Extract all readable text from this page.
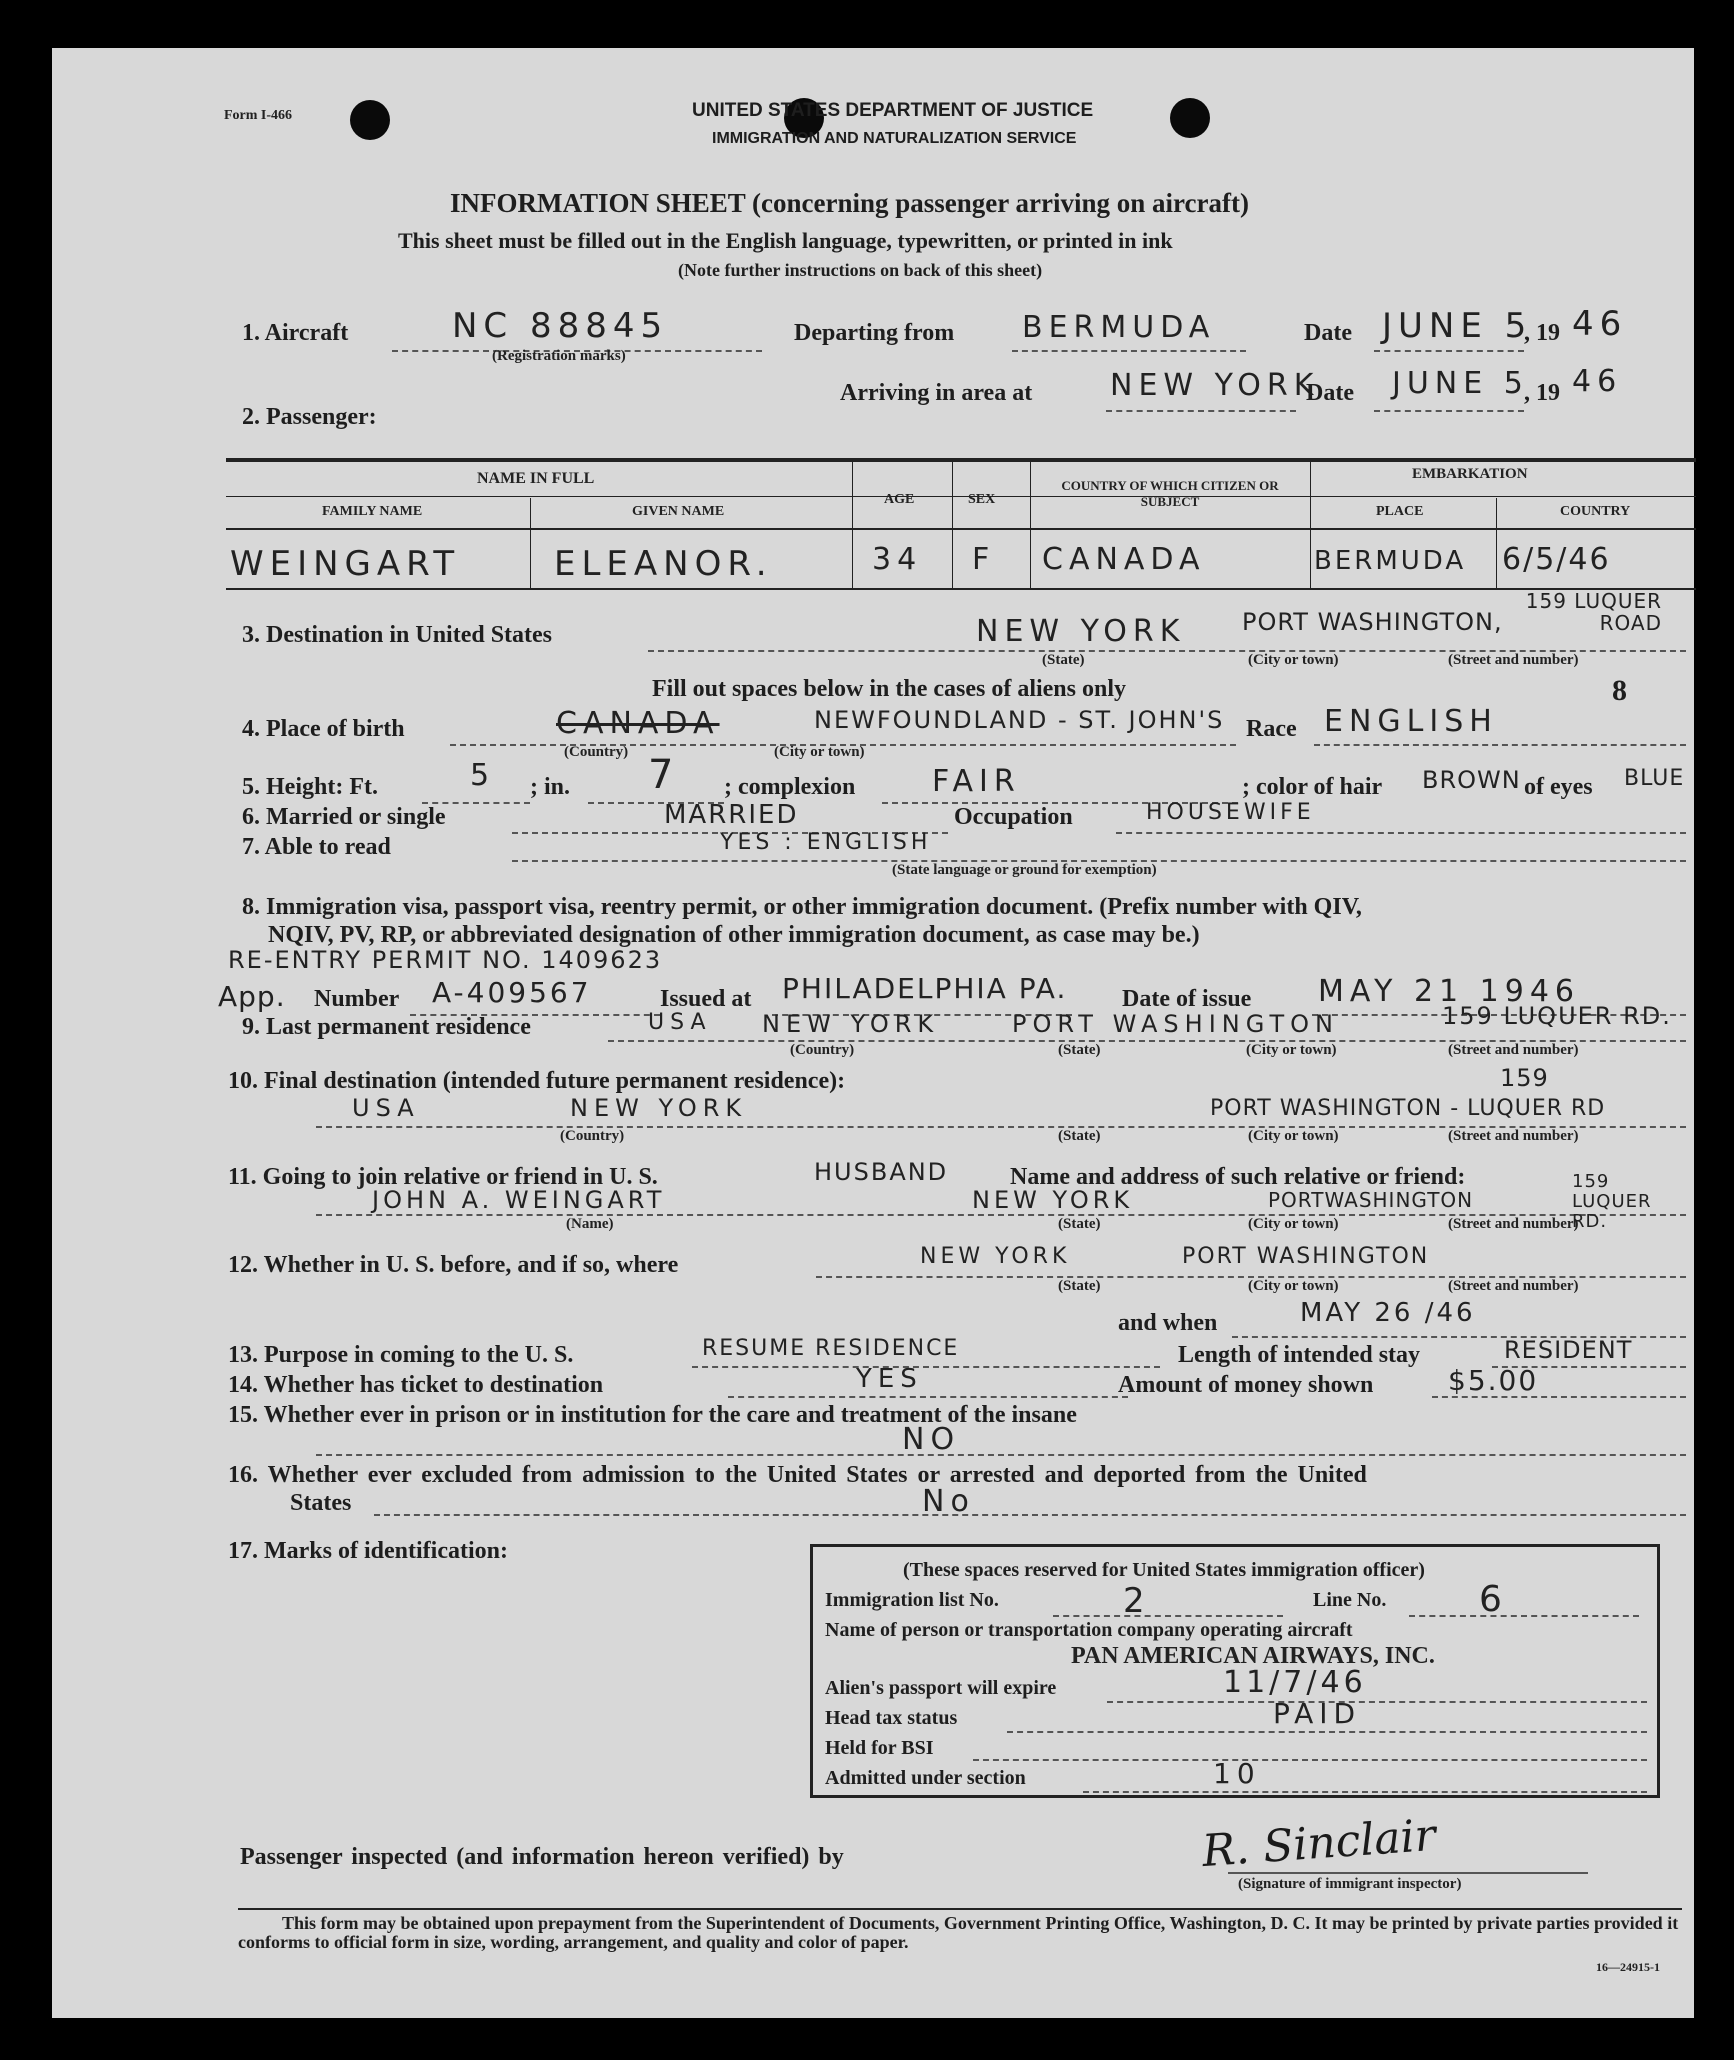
Form I-466	UNITED STATES DEPARTMENT OF JUSTICE
IMMIGRATION AND NATURALIZATION SERVICE
INFORMATION SHEET (concerning passenger arriving on aircraft)
This sheet must be filled out in the English language, typewritten, or printed in ink
(Note further instructions on back of this sheet)
1. Aircraft	NC 88845
(Registration marks)
Departing from BERMUDA	Date JUNE 5
, 19 46
Arriving in area at	NEW YORK
Date JUNE 5
, 19 46
2. Passenger:
NAME IN FULL
FAMILY NAME	GIVEN NAME
AGE	SEX
COUNTRY OF WHICH CITIZEN OR SUBJECT
EMBARKATION
PLACE	COUNTRY
WEINGART	ELEANOR.	34 F CANADA	BERMUDA 6/5/46
3. Destination in United States	NEW YORK PORT WASHINGTON,
159 LUQUER ROAD
(State)	(City or town)	(Street and number)
Fill out spaces below in the cases of aliens only	8
4. Place of birth	CANADA	NEWFOUNDLAND - ST. JOHN'S
(Country)	(City or town)
Race ENGLISH
5. Height: Ft.	5 ; in. 7 ; complexion	FAIR	; color of hair BROWN of eyes BLUE
6. Married or single	MARRIED	Occupation	HOUSEWIFE
7. Able to read	YES : ENGLISH
(State language or ground for exemption)
8. Immigration visa, passport visa, reentry permit, or other immigration document. (Prefix number with QIV,
NQIV, PV, RP, or abbreviated designation of other immigration document, as case may be.)
RE-ENTRY PERMIT NO. 1409623
App. Number A-409567	Issued at PHILADELPHIA PA. Date of issue MAY 21 1946
9. Last permanent residence	USA NEW YORK	PORT WASHINGTON	159 LUQUER RD.
(Country)	(State)	(City or town)	(Street and number)
10. Final destination (intended future permanent residence):
USA	NEW YORK	PORT WASHINGTON - LUQUER RD
159
(Country)	(State)	(City or town)	(Street and number)
11. Going to join relative or friend in U. S.	HUSBAND	Name and address of such relative or friend:
JOHN A. WEINGART	NEW YORK	PORTWASHINGTON
159 LUQUER RD.
(Name)	(State)	(City or town)	(Street and number)
12. Whether in U. S. before, and if so, where	NEW YORK	PORT WASHINGTON
(State)	(City or town)	(Street and number)
and when	MAY 26 /46
13. Purpose in coming to the U. S.	RESUME RESIDENCE	Length of intended stay	RESIDENT
14. Whether has ticket to destination	YES	Amount of money shown	$5.00
15. Whether ever in prison or in institution for the care and treatment of the insane
NO
16. Whether ever excluded from admission to the United States or arrested and deported from the United
States	No
17. Marks of identification:
(These spaces reserved for United States immigration officer)
Immigration list No.	2	Line No.	6
Name of person or transportation company operating aircraft
PAN AMERICAN AIRWAYS, INC.
Alien's passport will expire	11/7/46
Head tax status	PAID
Held for BSI
Admitted under section	10
Passenger inspected (and information hereon verified) by	R. Sinclair
(Signature of immigrant inspector)
This form may be obtained upon prepayment from the Superintendent of Documents, Government Printing Office, Washington, D. C. It may be printed by private parties provided it conforms to official form in size, wording, arrangement, and quality and color of paper.
16—24915-1
